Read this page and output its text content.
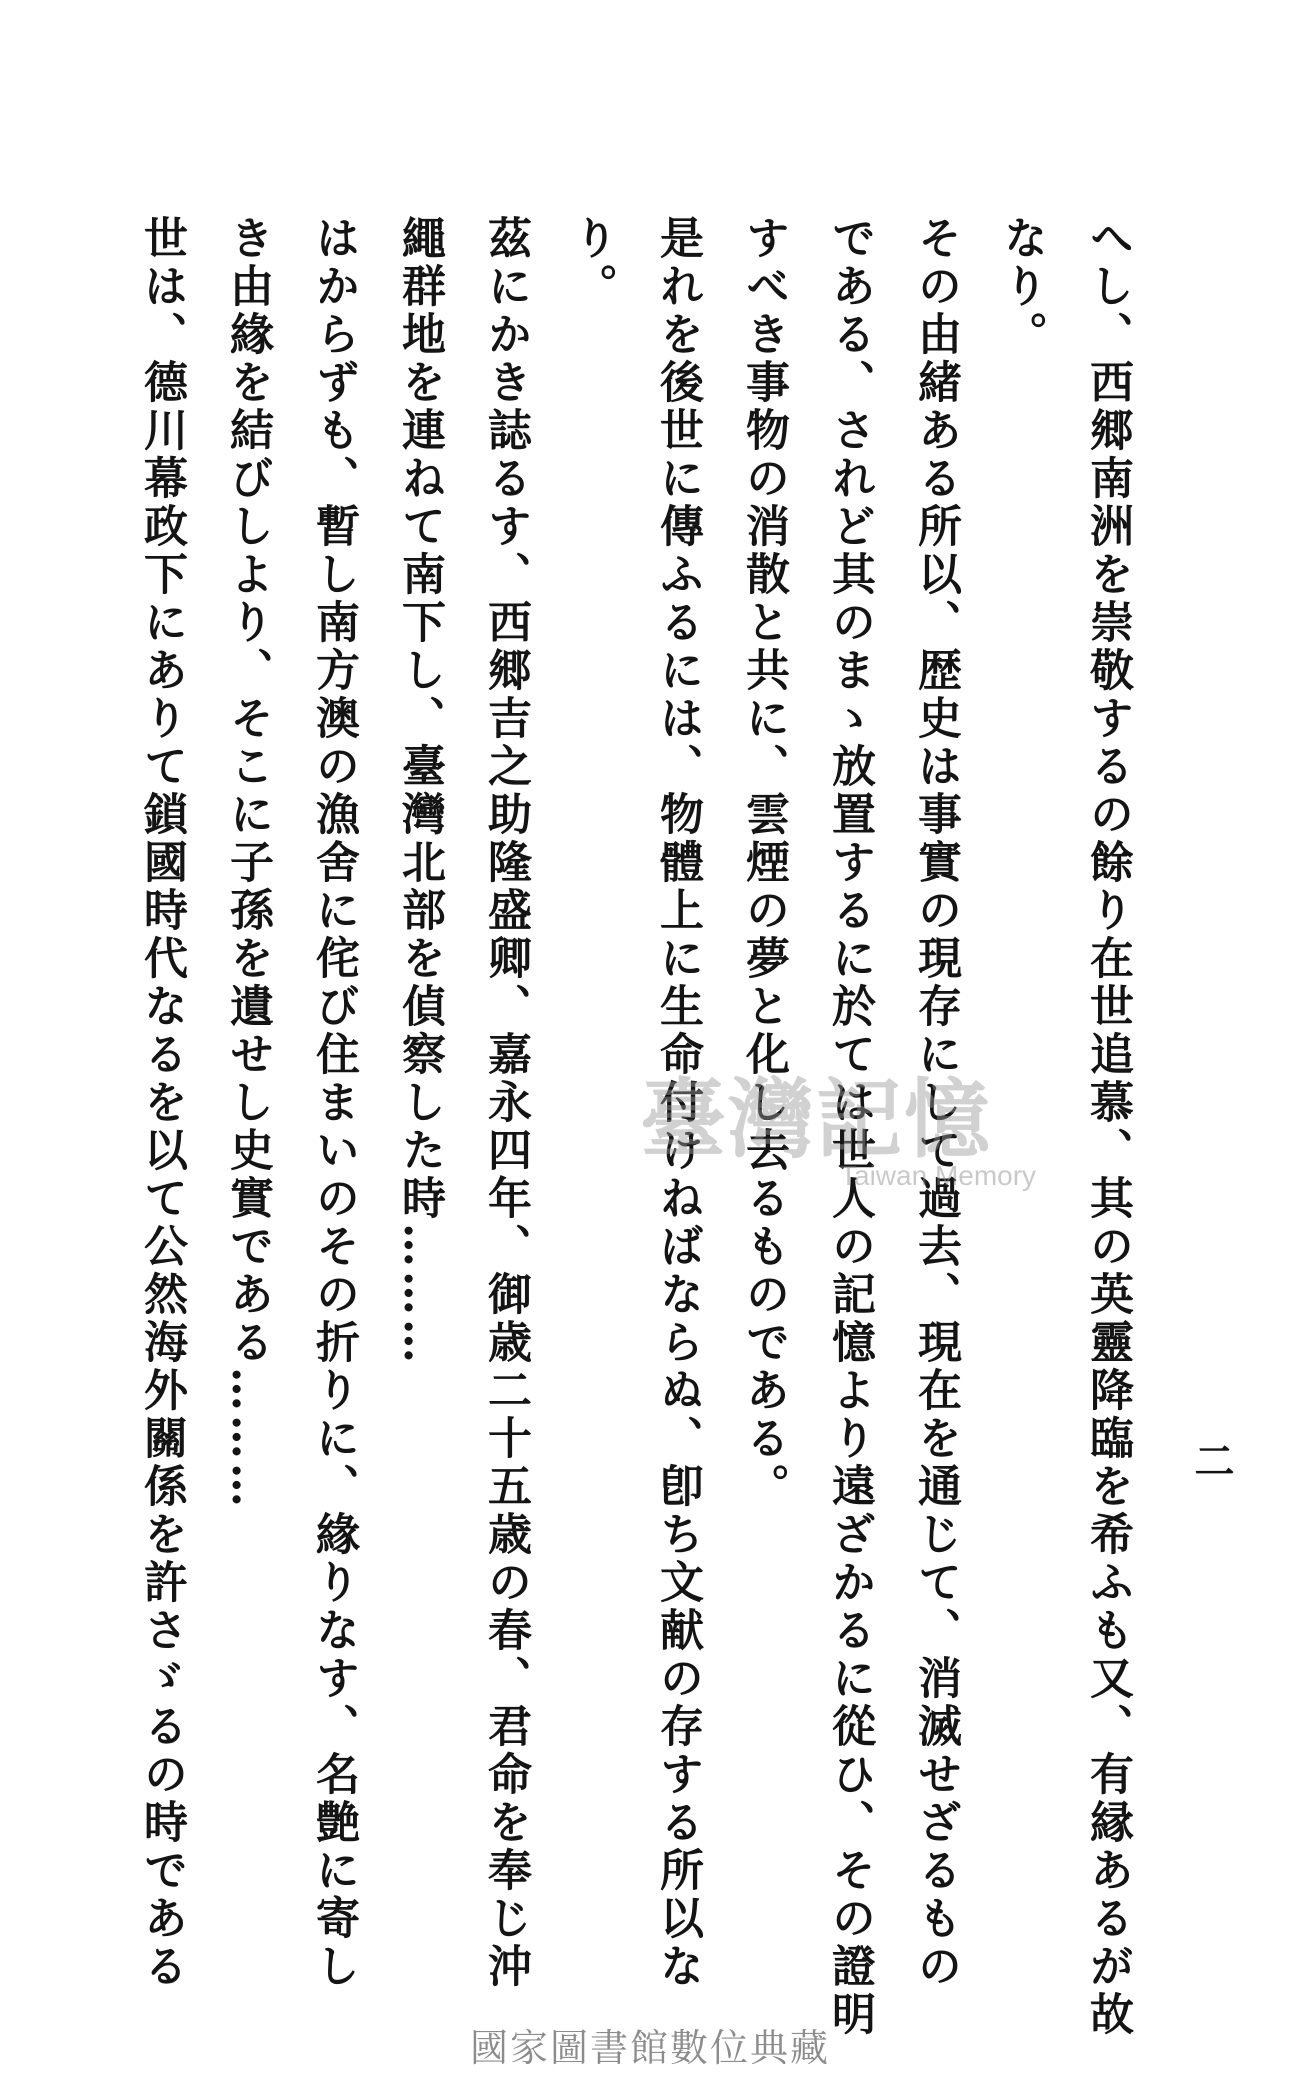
へし、西郷南洲を崇敬するの餘り在世追慕、其の英靈降臨を希ふも又、有縁あるが故
なり。
その由緒ある所以、歴史は事實の現存にして過去、現在を通じて、消滅せざるもの
である、されど其のまゝ放置するに於ては世人の記憶より遠ざかるに從ひ、その證明
すべき事物の消散と共に、雲煙の夢と化し去るものである。
是れを後世に傳ふるには、物體上に生命付けねばならぬ、卽ち文献の存する所以な
り。
茲にかき誌るす、西郷吉之助隆盛卿、嘉永四年、御歳二十五歳の春、君命を奉じ沖
繩群地を連ねて南下し、臺灣北部を偵察した時………
はからずも、暫し南方澳の漁舍に侘び住まいのその折りに、緣りなす、名艶に寄し
き由緣を結びしより、そこに子孫を遺せし史實である………
世は、德川幕政下にありて鎖國時代なるを以て公然海外關係を許さゞるの時である	二
臺灣記憶
Taiwan Memory
國家圖書館數位典藏
